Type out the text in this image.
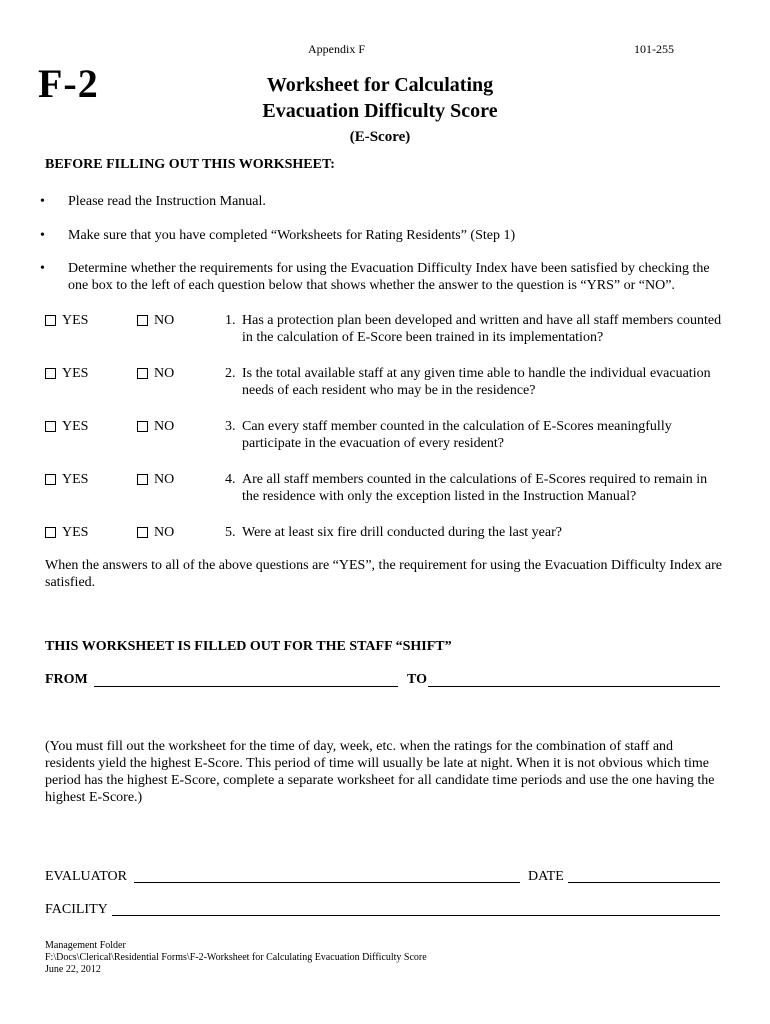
Appendix F	101-255
F-2	Worksheet for Calculating
Evacuation Difficulty Score
(E-Score)
BEFORE FILLING OUT THIS WORKSHEET:
•	Please read the Instruction Manual.
•	Make sure that you have completed “Worksheets for Rating Residents” (Step 1)
•	Determine whether the requirements for using the Evacuation Difficulty Index have been satisfied by checking the one box to the left of each question below that shows whether the answer to the question is “YRS” or “NO”.
YES	NO	1. Has a protection plan been developed and written and have all staff members counted in the calculation of E-Score been trained in its implementation?
YES	NO	2. Is the total available staff at any given time able to handle the individual evacuation needs of each resident who may be in the residence?
YES	NO	3. Can every staff member counted in the calculation of E-Scores meaningfully participate in the evacuation of every resident?
YES	NO	4. Are all staff members counted in the calculations of E-Scores required to remain in the residence with only the exception listed in the Instruction Manual?
YES	NO	5. Were at least six fire drill conducted during the last year?
When the answers to all of the above questions are “YES”, the requirement for using the Evacuation Difficulty Index are satisfied.
THIS WORKSHEET IS FILLED OUT FOR THE STAFF “SHIFT”
FROM	TO
(You must fill out the worksheet for the time of day, week, etc. when the ratings for the combination of staff and residents yield the highest E-Score. This period of time will usually be late at night. When it is not obvious which time period has the highest E-Score, complete a separate worksheet for all candidate time periods and use the one having the highest E-Score.)
EVALUATOR	DATE
FACILITY
Management Folder
F:\Docs\Clerical\Residential Forms\F-2-Worksheet for Calculating Evacuation Difficulty Score
June 22, 2012
